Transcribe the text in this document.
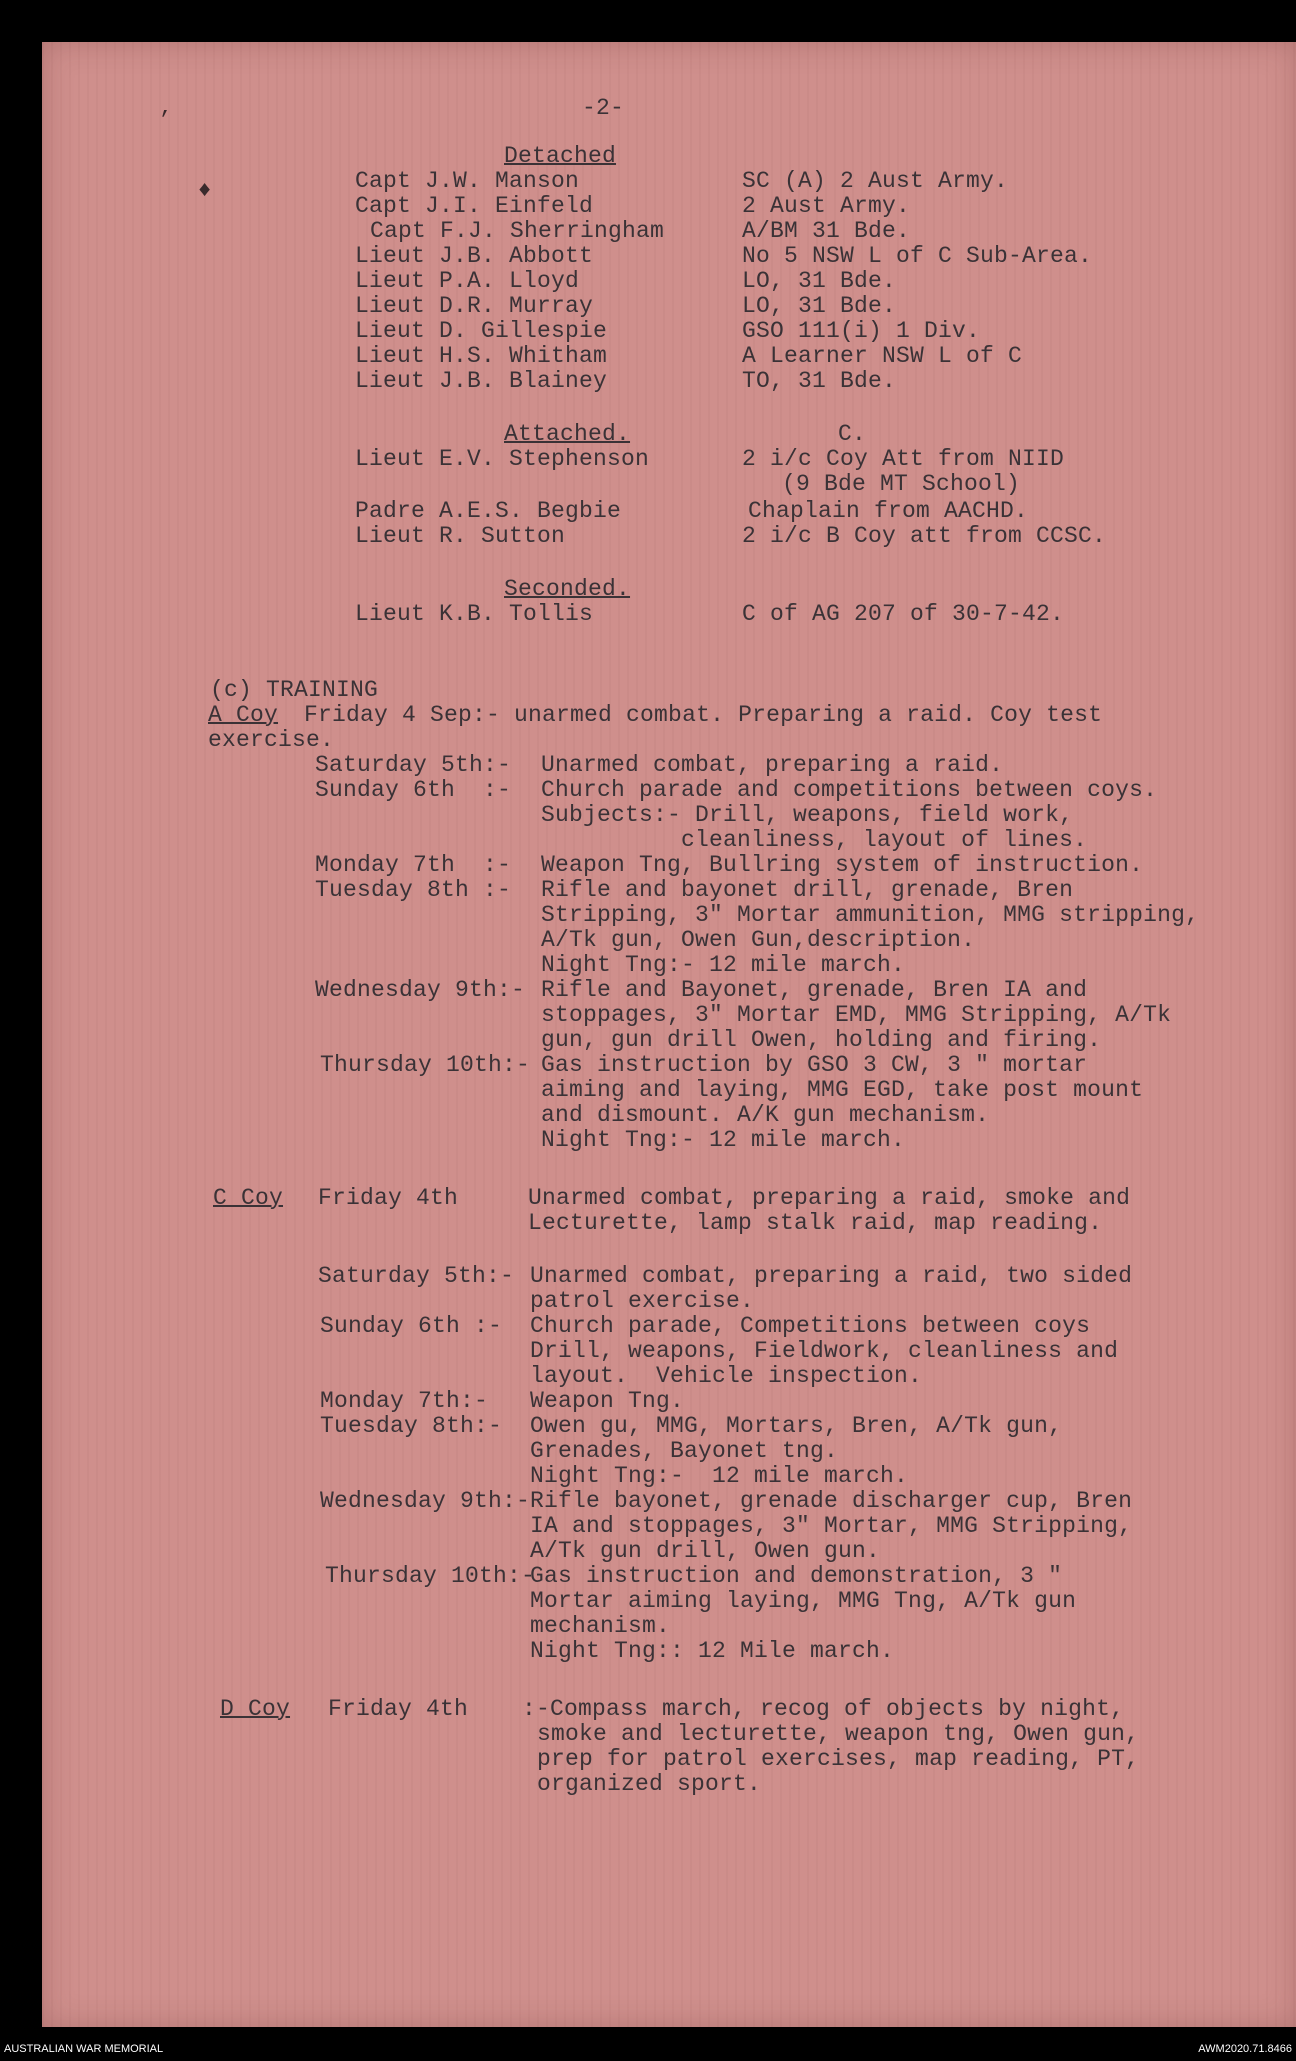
-2-
’
♦
Detached
Capt J.W. Manson	SC (A) 2 Aust Army.
Capt J.I. Einfeld	2 Aust Army.
Capt F.J. Sherringham	A/BM 31 Bde.
Lieut J.B. Abbott	No 5 NSW L of C Sub-Area.
Lieut P.A. Lloyd	LO, 31 Bde.
Lieut D.R. Murray	LO, 31 Bde.
Lieut D. Gillespie	GSO 111(i) 1 Div.
Lieut H.S. Whitham	A Learner NSW L of C
Lieut J.B. Blainey	TO, 31 Bde.
Attached.	C.
Lieut E.V. Stephenson	2 i/c Coy Att from NIID
(9 Bde MT School)
Padre A.E.S. Begbie	Chaplain from AACHD.
Lieut R. Sutton	2 i/c B Coy att from CCSC.
Seconded.
Lieut K.B. Tollis	C of AG 207 of 30-7-42.
(c) TRAINING
A Coy Friday 4 Sep:- unarmed combat. Preparing a raid. Coy test
exercise.
Saturday 5th:- Unarmed combat, preparing a raid.
Sunday 6th  :- Church parade and competitions between coys.
Subjects:- Drill, weapons, field work,
cleanliness, layout of lines.
Monday 7th  :- Weapon Tng, Bullring system of instruction.
Tuesday 8th :- Rifle and bayonet drill, grenade, Bren
Stripping, 3" Mortar ammunition, MMG stripping,
A/Tk gun, Owen Gun,description.
Night Tng:- 12 mile march.
Wednesday 9th:- Rifle and Bayonet, grenade, Bren IA and
stoppages, 3" Mortar EMD, MMG Stripping, A/Tk
gun, gun drill Owen, holding and firing.
Thursday 10th:- Gas instruction by GSO 3 CW, 3 " mortar
aiming and laying, MMG EGD, take post mount
and dismount. A/K gun mechanism.
Night Tng:- 12 mile march.
C Coy Friday 4th	Unarmed combat, preparing a raid, smoke and
Lecturette, lamp stalk raid, map reading.
Saturday 5th:- Unarmed combat, preparing a raid, two sided
patrol exercise.
Sunday 6th :- Church parade, Competitions between coys
Drill, weapons, Fieldwork, cleanliness and
layout.  Vehicle inspection.
Monday 7th:- Weapon Tng.
Tuesday 8th:- Owen gu, MMG, Mortars, Bren, A/Tk gun,
Grenades, Bayonet tng.
Night Tng:-  12 mile march.
Wednesday 9th:- Rifle bayonet, grenade discharger cup, Bren
IA and stoppages, 3" Mortar, MMG Stripping,
A/Tk gun drill, Owen gun.
Thursday 10th:-
Gas instruction and demonstration, 3 "
Mortar aiming laying, MMG Tng, A/Tk gun
mechanism.
Night Tng:: 12 Mile march.
D Coy Friday 4th :-Compass march, recog of objects by night,
smoke and lecturette, weapon tng, Owen gun,
prep for patrol exercises, map reading, PT,
organized sport.
AUSTRALIAN WAR MEMORIAL	AWM2020.71.8466
